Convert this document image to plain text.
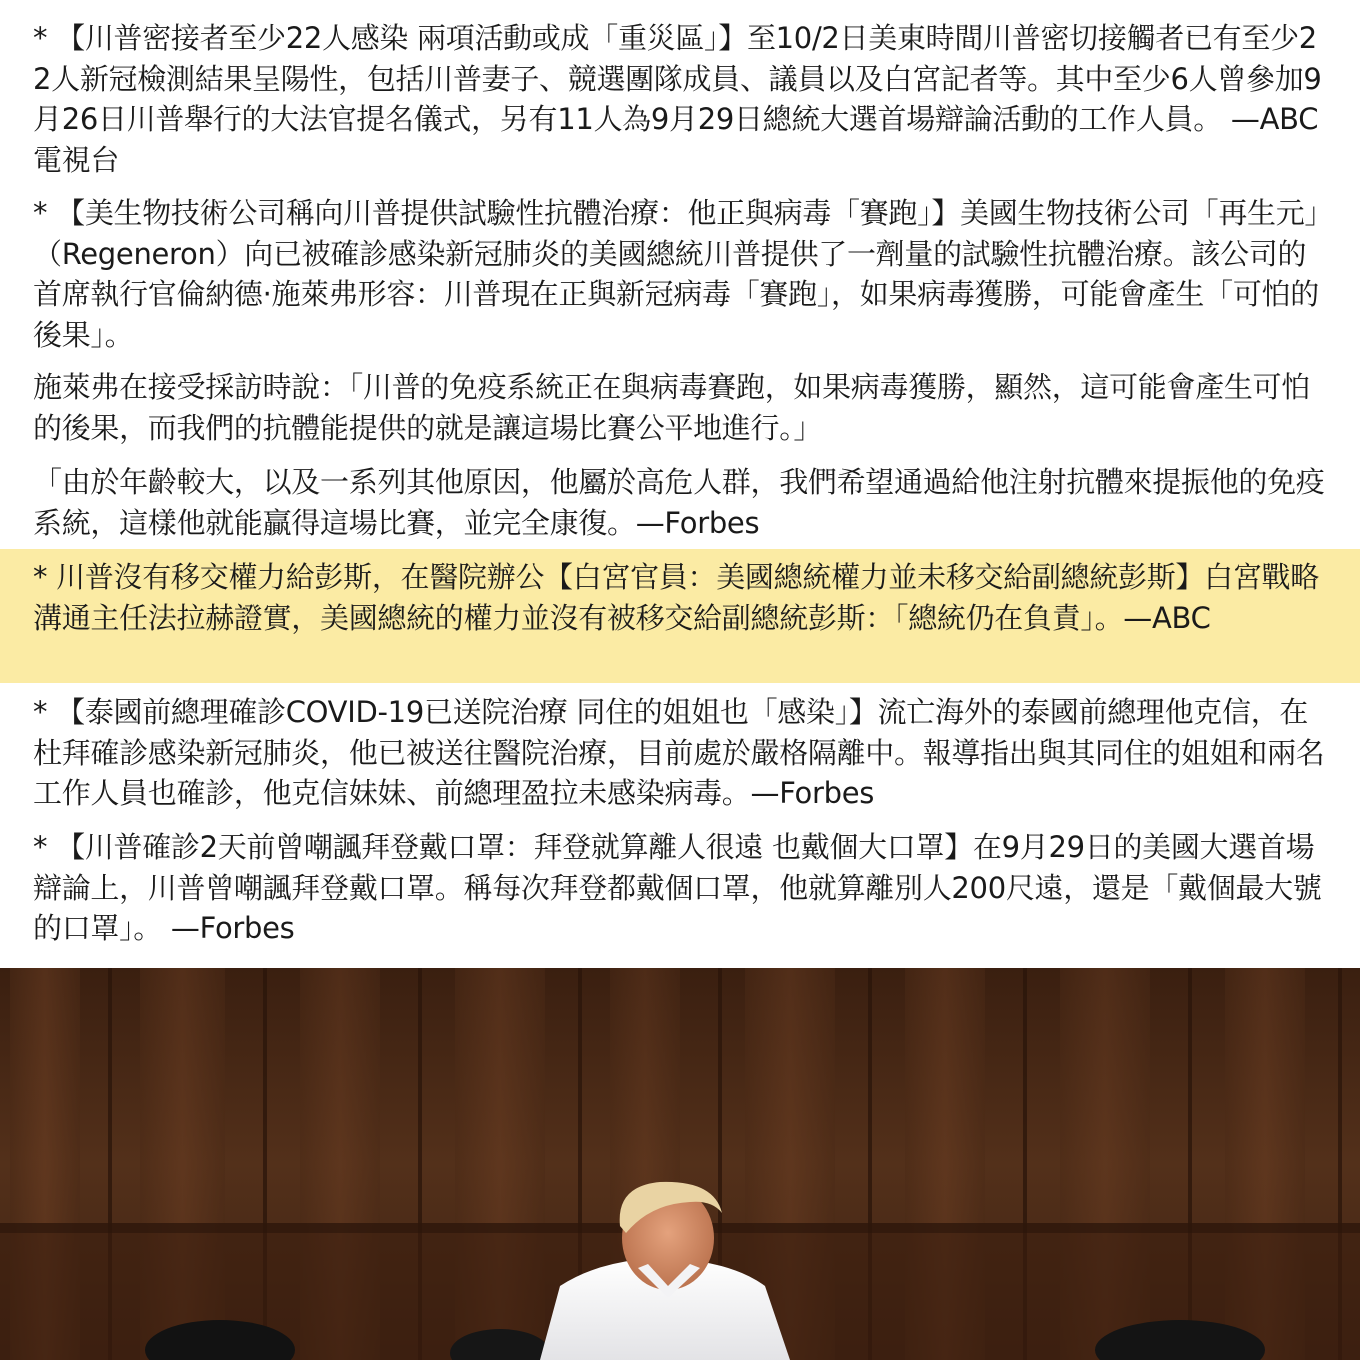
* 【川普密接者至少22人感染 兩項活動或成「重災區」】至10/2日美東時間川普密切接觸者已有至少22人新冠檢測結果呈陽性，包括川普妻子、競選團隊成員、議員以及白宮記者等。其中至少6人曾參加9月26日川普舉行的大法官提名儀式，另有11人為9月29日總統大選首場辯論活動的工作人員。 —ABC電視台

* 【美生物技術公司稱向川普提供試驗性抗體治療：他正與病毒「賽跑」】美國生物技術公司「再生元」（Regeneron）向已被確診感染新冠肺炎的美國總統川普提供了一劑量的試驗性抗體治療。該公司的首席執行官倫納德·施萊弗形容：川普現在正與新冠病毒「賽跑」，如果病毒獲勝，可能會產生「可怕的後果」。

施萊弗在接受採訪時說：「川普的免疫系統正在與病毒賽跑，如果病毒獲勝，顯然，這可能會產生可怕的後果，而我們的抗體能提供的就是讓這場比賽公平地進行。」

「由於年齡較大，以及一系列其他原因，他屬於高危人群，我們希望通過給他注射抗體來提振他的免疫系統，這樣他就能贏得這場比賽，並完全康復。—Forbes

* 川普沒有移交權力給彭斯，在醫院辦公【白宮官員：美國總統權力並未移交給副總統彭斯】白宮戰略溝通主任法拉赫證實，美國總統的權力並沒有被移交給副總統彭斯：「總統仍在負責」。—ABC

* 【泰國前總理確診COVID-19已送院治療 同住的姐姐也「感染」】流亡海外的泰國前總理他克信，在杜拜確診感染新冠肺炎，他已被送往醫院治療，目前處於嚴格隔離中。報導指出與其同住的姐姐和兩名工作人員也確診，他克信妹妹、前總理盈拉未感染病毒。—Forbes

* 【川普確診2天前曾嘲諷拜登戴口罩：拜登就算離人很遠 也戴個大口罩】在9月29日的美國大選首場辯論上，川普曾嘲諷拜登戴口罩。稱每次拜登都戴個口罩，他就算離別人200尺遠，還是「戴個最大號的口罩」。 —Forbes
